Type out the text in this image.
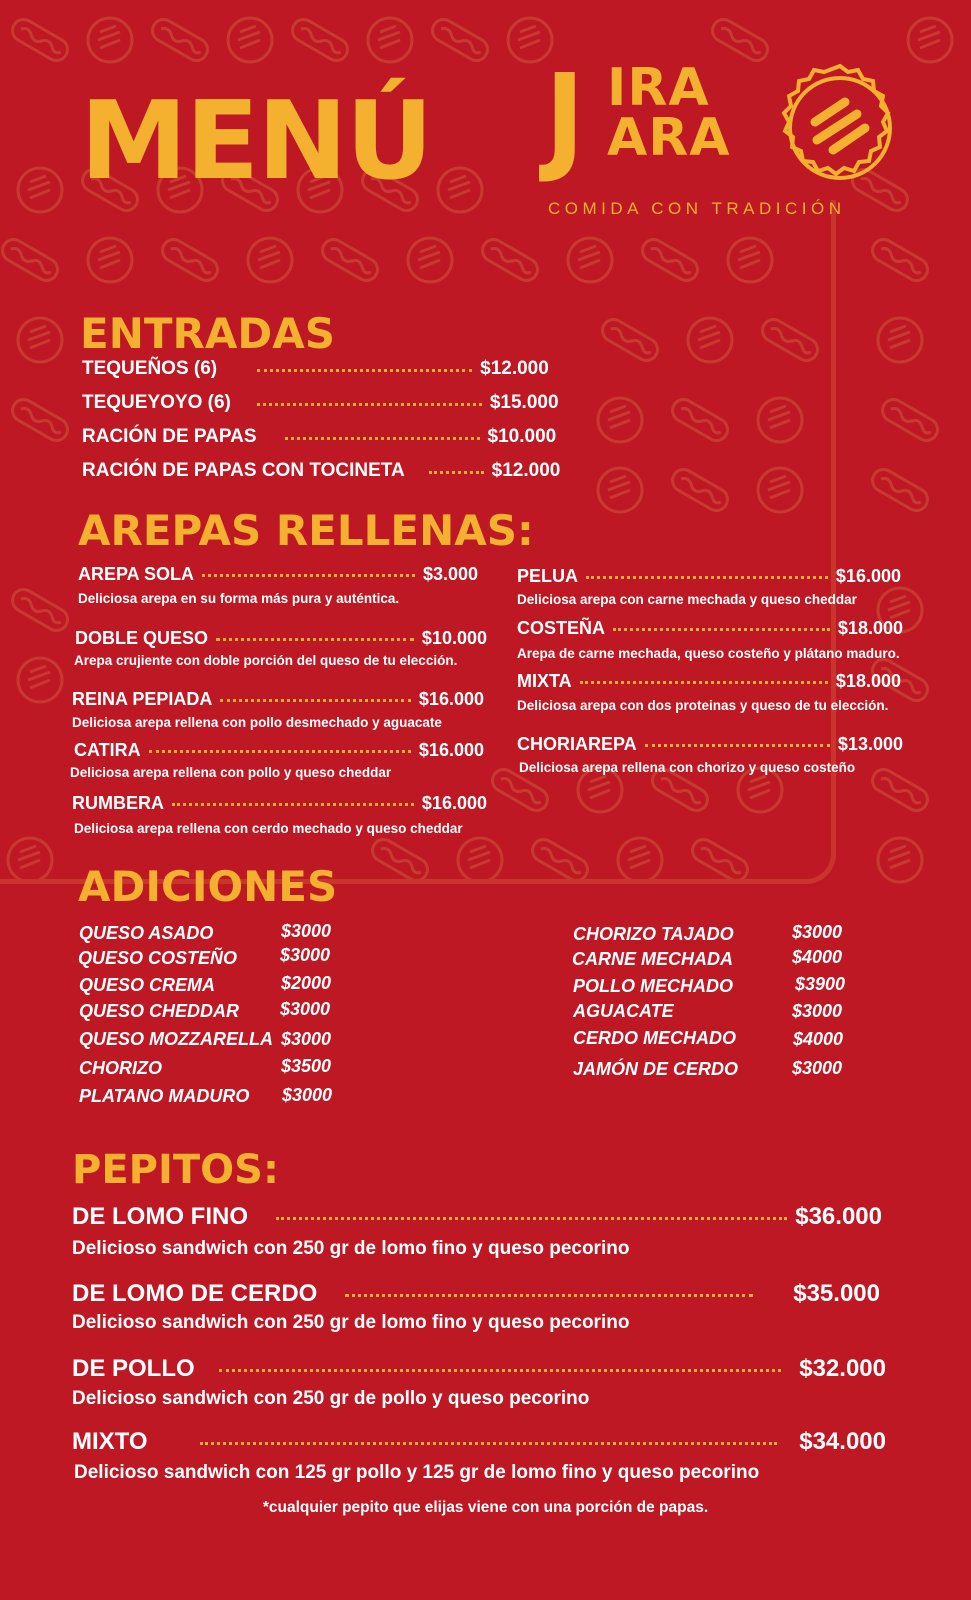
MENÚ J IRA
ARA
COMIDA CON TRADICIÓN
ENTRADAS
TEQUEÑOS (6)	$12.000
TEQUEYOYO (6)	$15.000
RACIÓN DE PAPAS	$10.000
RACIÓN DE PAPAS CON TOCINETA	$12.000
AREPAS RELLENAS:
AREPA SOLA	$3.000
Deliciosa arepa en su forma más pura y auténtica.
DOBLE QUESO	$10.000
Arepa crujiente con doble porción del queso de tu elección.
REINA PEPIADA	$16.000
Deliciosa arepa rellena con pollo desmechado y aguacate
CATIRA	$16.000
Deliciosa arepa rellena con pollo y queso cheddar
RUMBERA	$16.000
Deliciosa arepa rellena con cerdo mechado y queso cheddar
PELUA	$16.000
Deliciosa arepa con carne mechada y queso cheddar
COSTEÑA	$18.000
Arepa de carne mechada, queso costeño y plátano maduro.
MIXTA	$18.000
Deliciosa arepa con dos proteinas y queso de tu elección.
CHORIAREPA	$13.000
Deliciosa arepa rellena con chorizo y queso costeño
ADICIONES
QUESO ASADO	$3000
QUESO COSTEÑO $3000
QUESO CREMA	$2000
QUESO CHEDDAR $3000
QUESO MOZZARELLA $3000
CHORIZO	$3500
PLATANO MADURO $3000
CHORIZO TAJADO	$3000
CARNE MECHADA	$4000
POLLO MECHADO	$3900
AGUACATE	$3000
CERDO MECHADO	$4000
JAMÓN DE CERDO	$3000
PEPITOS:
DE LOMO FINO	$36.000
Delicioso sandwich con 250 gr de lomo fino y queso pecorino
DE LOMO DE CERDO	$35.000
Delicioso sandwich con 250 gr de lomo fino y queso pecorino
DE POLLO	$32.000
Delicioso sandwich con 250 gr de pollo y queso pecorino
MIXTO	$34.000
Delicioso sandwich con 125 gr pollo y 125 gr de lomo fino y queso pecorino
*cualquier pepito que elijas viene con una porción de papas.
